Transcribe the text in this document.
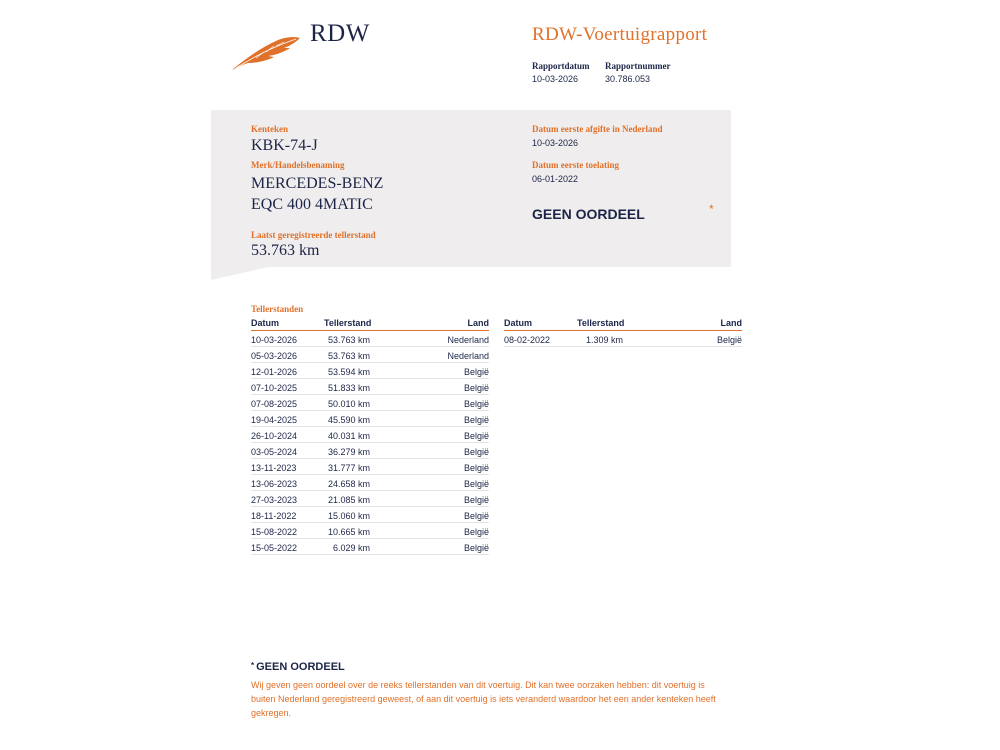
RDW	RDW-Voertuigrapport
Rapportdatum
10-03-2026
Rapportnummer
30.786.053
Kenteken
KBK-74-J
Merk/Handelsbenaming
MERCEDES-BENZ
EQC 400 4MATIC
Laatst geregistreerde tellerstand
53.763 km
Datum eerste afgifte in Nederland
10-03-2026
Datum eerste toelating
06-01-2022
GEEN OORDEEL	*
Tellerstanden
Datum	Tellerstand	Land
10-03-2026	53.763 km	Nederland
05-03-2026	53.763 km	Nederland
12-01-2026	53.594 km	België
07-10-2025	51.833 km	België
07-08-2025	50.010 km	België
19-04-2025	45.590 km	België
26-10-2024	40.031 km	België
03-05-2024	36.279 km	België
13-11-2023	31.777 km	België
13-06-2023	24.658 km	België
27-03-2023	21.085 km	België
18-11-2022	15.060 km	België
15-08-2022	10.665 km	België
15-05-2022	6.029 km	België
Datum	Tellerstand	Land
08-02-2022	1.309 km	België
* GEEN OORDEEL
Wij geven geen oordeel over de reeks tellerstanden van dit voertuig. Dit kan twee oorzaken hebben: dit voertuig is buiten Nederland geregistreerd geweest, of aan dit voertuig is iets veranderd waardoor het een ander kenteken heeft gekregen.
